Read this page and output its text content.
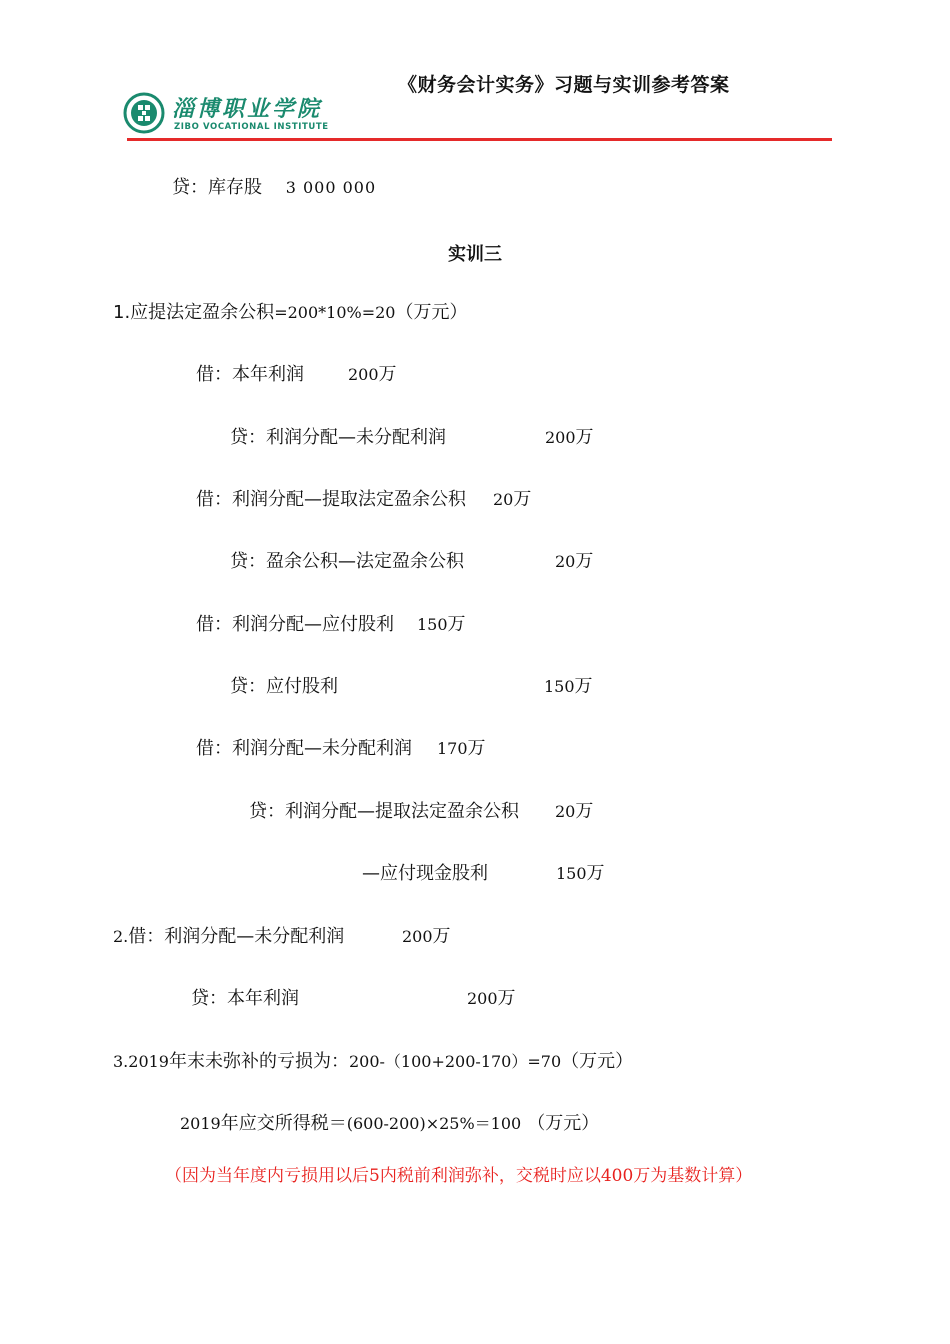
《财务会计实务》习题与实训参考答案
淄博职业学院
ZIBO VOCATIONAL INSTITUTE
贷：库存股 3 000 000
实训三
1.应提法定盈余公积=200*10%=20（万元）
借：本年利润	200万
贷：利润分配—未分配利润	200万
借：利润分配—提取法定盈余公积 20万
贷：盈余公积—法定盈余公积	20万
借：利润分配—应付股利 150万
贷：应付股利	150万
借：利润分配—未分配利润 170万
贷：利润分配—提取法定盈余公积 20万
—应付现金股利	150万
2.借：利润分配—未分配利润	200万
贷：本年利润	200万
3.2019年末未弥补的亏损为：200-（100+200-170）=70（万元）
2019年应交所得税＝(600-200)×25%＝100 （万元）
（因为当年度内亏损用以后5内税前利润弥补，交税时应以400万为基数计算）
